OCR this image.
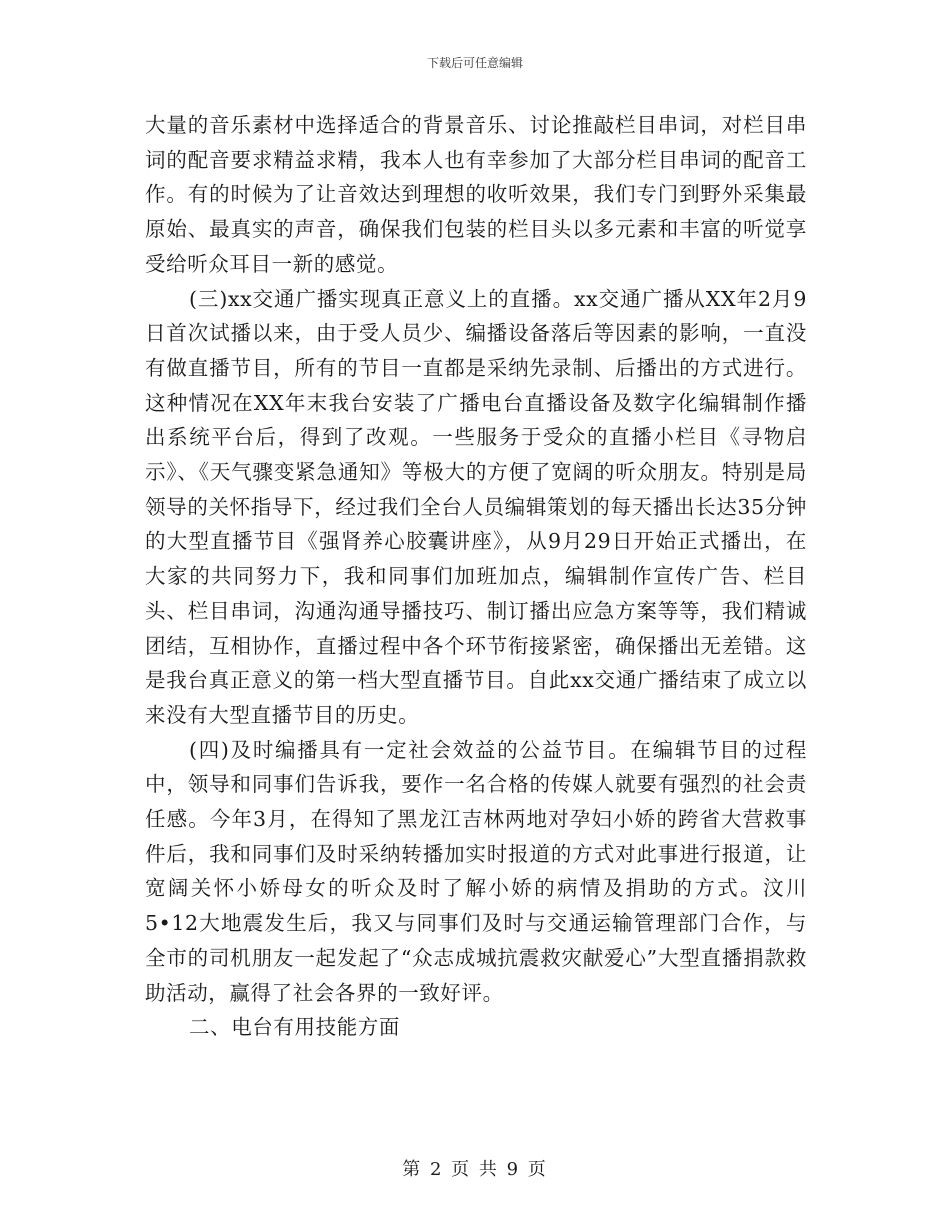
下载后可任意编辑

大量的音乐素材中选择适合的背景音乐、讨论推敲栏目串词，对栏目串词的配音要求精益求精，我本人也有幸参加了大部分栏目串词的配音工作。有的时候为了让音效达到理想的收听效果，我们专门到野外采集最原始、最真实的声音，确保我们包装的栏目头以多元素和丰富的听觉享受给听众耳目一新的感觉。

(三)xx交通广播实现真正意义上的直播。xx交通广播从XX年2月9日首次试播以来，由于受人员少、编播设备落后等因素的影响，一直没有做直播节目，所有的节目一直都是采纳先录制、后播出的方式进行。这种情况在XX年末我台安装了广播电台直播设备及数字化编辑制作播出系统平台后，得到了改观。一些服务于受众的直播小栏目《寻物启示》、《天气骤变紧急通知》等极大的方便了宽阔的听众朋友。特别是局领导的关怀指导下，经过我们全台人员编辑策划的每天播出长达35分钟的大型直播节目《强肾养心胶囊讲座》，从9月29日开始正式播出，在大家的共同努力下，我和同事们加班加点，编辑制作宣传广告、栏目头、栏目串词，沟通沟通导播技巧、制订播出应急方案等等，我们精诚团结，互相协作，直播过程中各个环节衔接紧密，确保播出无差错。这是我台真正意义的第一档大型直播节目。自此xx交通广播结束了成立以来没有大型直播节目的历史。

(四)及时编播具有一定社会效益的公益节目。在编辑节目的过程中，领导和同事们告诉我，要作一名合格的传媒人就要有强烈的社会责任感。今年3月，在得知了黑龙江吉林两地对孕妇小娇的跨省大营救事件后，我和同事们及时采纳转播加实时报道的方式对此事进行报道，让宽阔关怀小娇母女的听众及时了解小娇的病情及捐助的方式。汶川5•12大地震发生后，我又与同事们及时与交通运输管理部门合作，与全市的司机朋友一起发起了“众志成城抗震救灾献爱心”大型直播捐款救助活动，赢得了社会各界的一致好评。

二、电台有用技能方面

第 2 页 共 9 页
